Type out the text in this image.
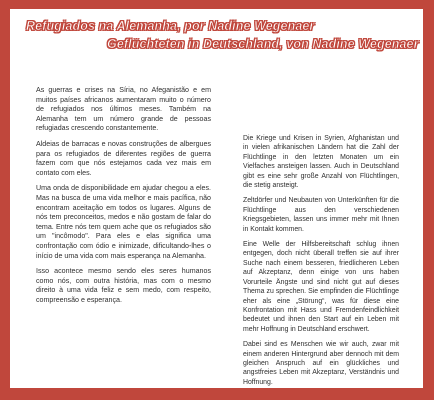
Refugiados na Alemanha, por Nadine Wegenaer
Geflüchteten in Deutschland, von Nadine Wegenaer

As guerras e crises na Síria, no Afeganistão e em muitos países africanos aumentaram muito o número de refugiados nos últimos meses. Também na Alemanha tem um número grande de pessoas refugiadas crescendo constantemente.

Aldeias de barracas e novas construções de albergues para os refugiados de diferentes regiões de guerra fazem com que nós estejamos cada vez mais em contato com eles.

Uma onda de disponibilidade em ajudar chegou a eles. Mas na busca de uma vida melhor e mais pacífica, não encontram aceitação em todos os lugares. Alguns de nós tem preconceitos, medos e não gostam de falar do tema. Entre nós tem quem ache que os refugiados são um "incômodo". Para eles e elas significa uma confrontação com ódio e inimizade, dificultando-lhes o início de uma vida com mais esperança na Alemanha.

Isso acontece mesmo sendo eles seres humanos como nós, com outra história, mas com o mesmo direito à uma vida feliz e sem medo, com respeito, compreensão e esperança.

Die Kriege und Krisen in Syrien, Afghanistan und in vielen afrikanischen Ländern hat die Zahl der Flüchtlinge in den letzten Monaten um ein Vielfaches ansteigen lassen. Auch in Deutschland gibt es eine sehr große Anzahl von Flüchtlingen, die stetig ansteigt.

Zeltdörfer und Neubauten von Unterkünften für die Flüchtlinge aus den verschiedenen Kriegsgebieten, lassen uns immer mehr mit Ihnen in Kontakt kommen.

Eine Welle der Hilfsbereitschaft schlug ihnen entgegen, doch nicht überall treffen sie auf ihrer Suche nach einem besseren, friedlicheren Leben auf Akzeptanz, denn einige von uns haben Vorurteile Ängste und sind nicht gut auf dieses Thema zu sprechen. Sie empfinden die Flüchtlinge eher als eine „Störung“, was für diese eine Konfrontation mit Hass und Fremdenfeindlichkeit bedeutet und ihnen den Start auf ein Leben mit mehr Hoffnung in Deutschland erschwert.

Dabei sind es Menschen wie wir auch, zwar mit einem anderen Hintergrund aber dennoch mit dem gleichen Anspruch auf ein glückliches und angstfreies Leben mit Akzeptanz, Verständnis und Hoffnung.
